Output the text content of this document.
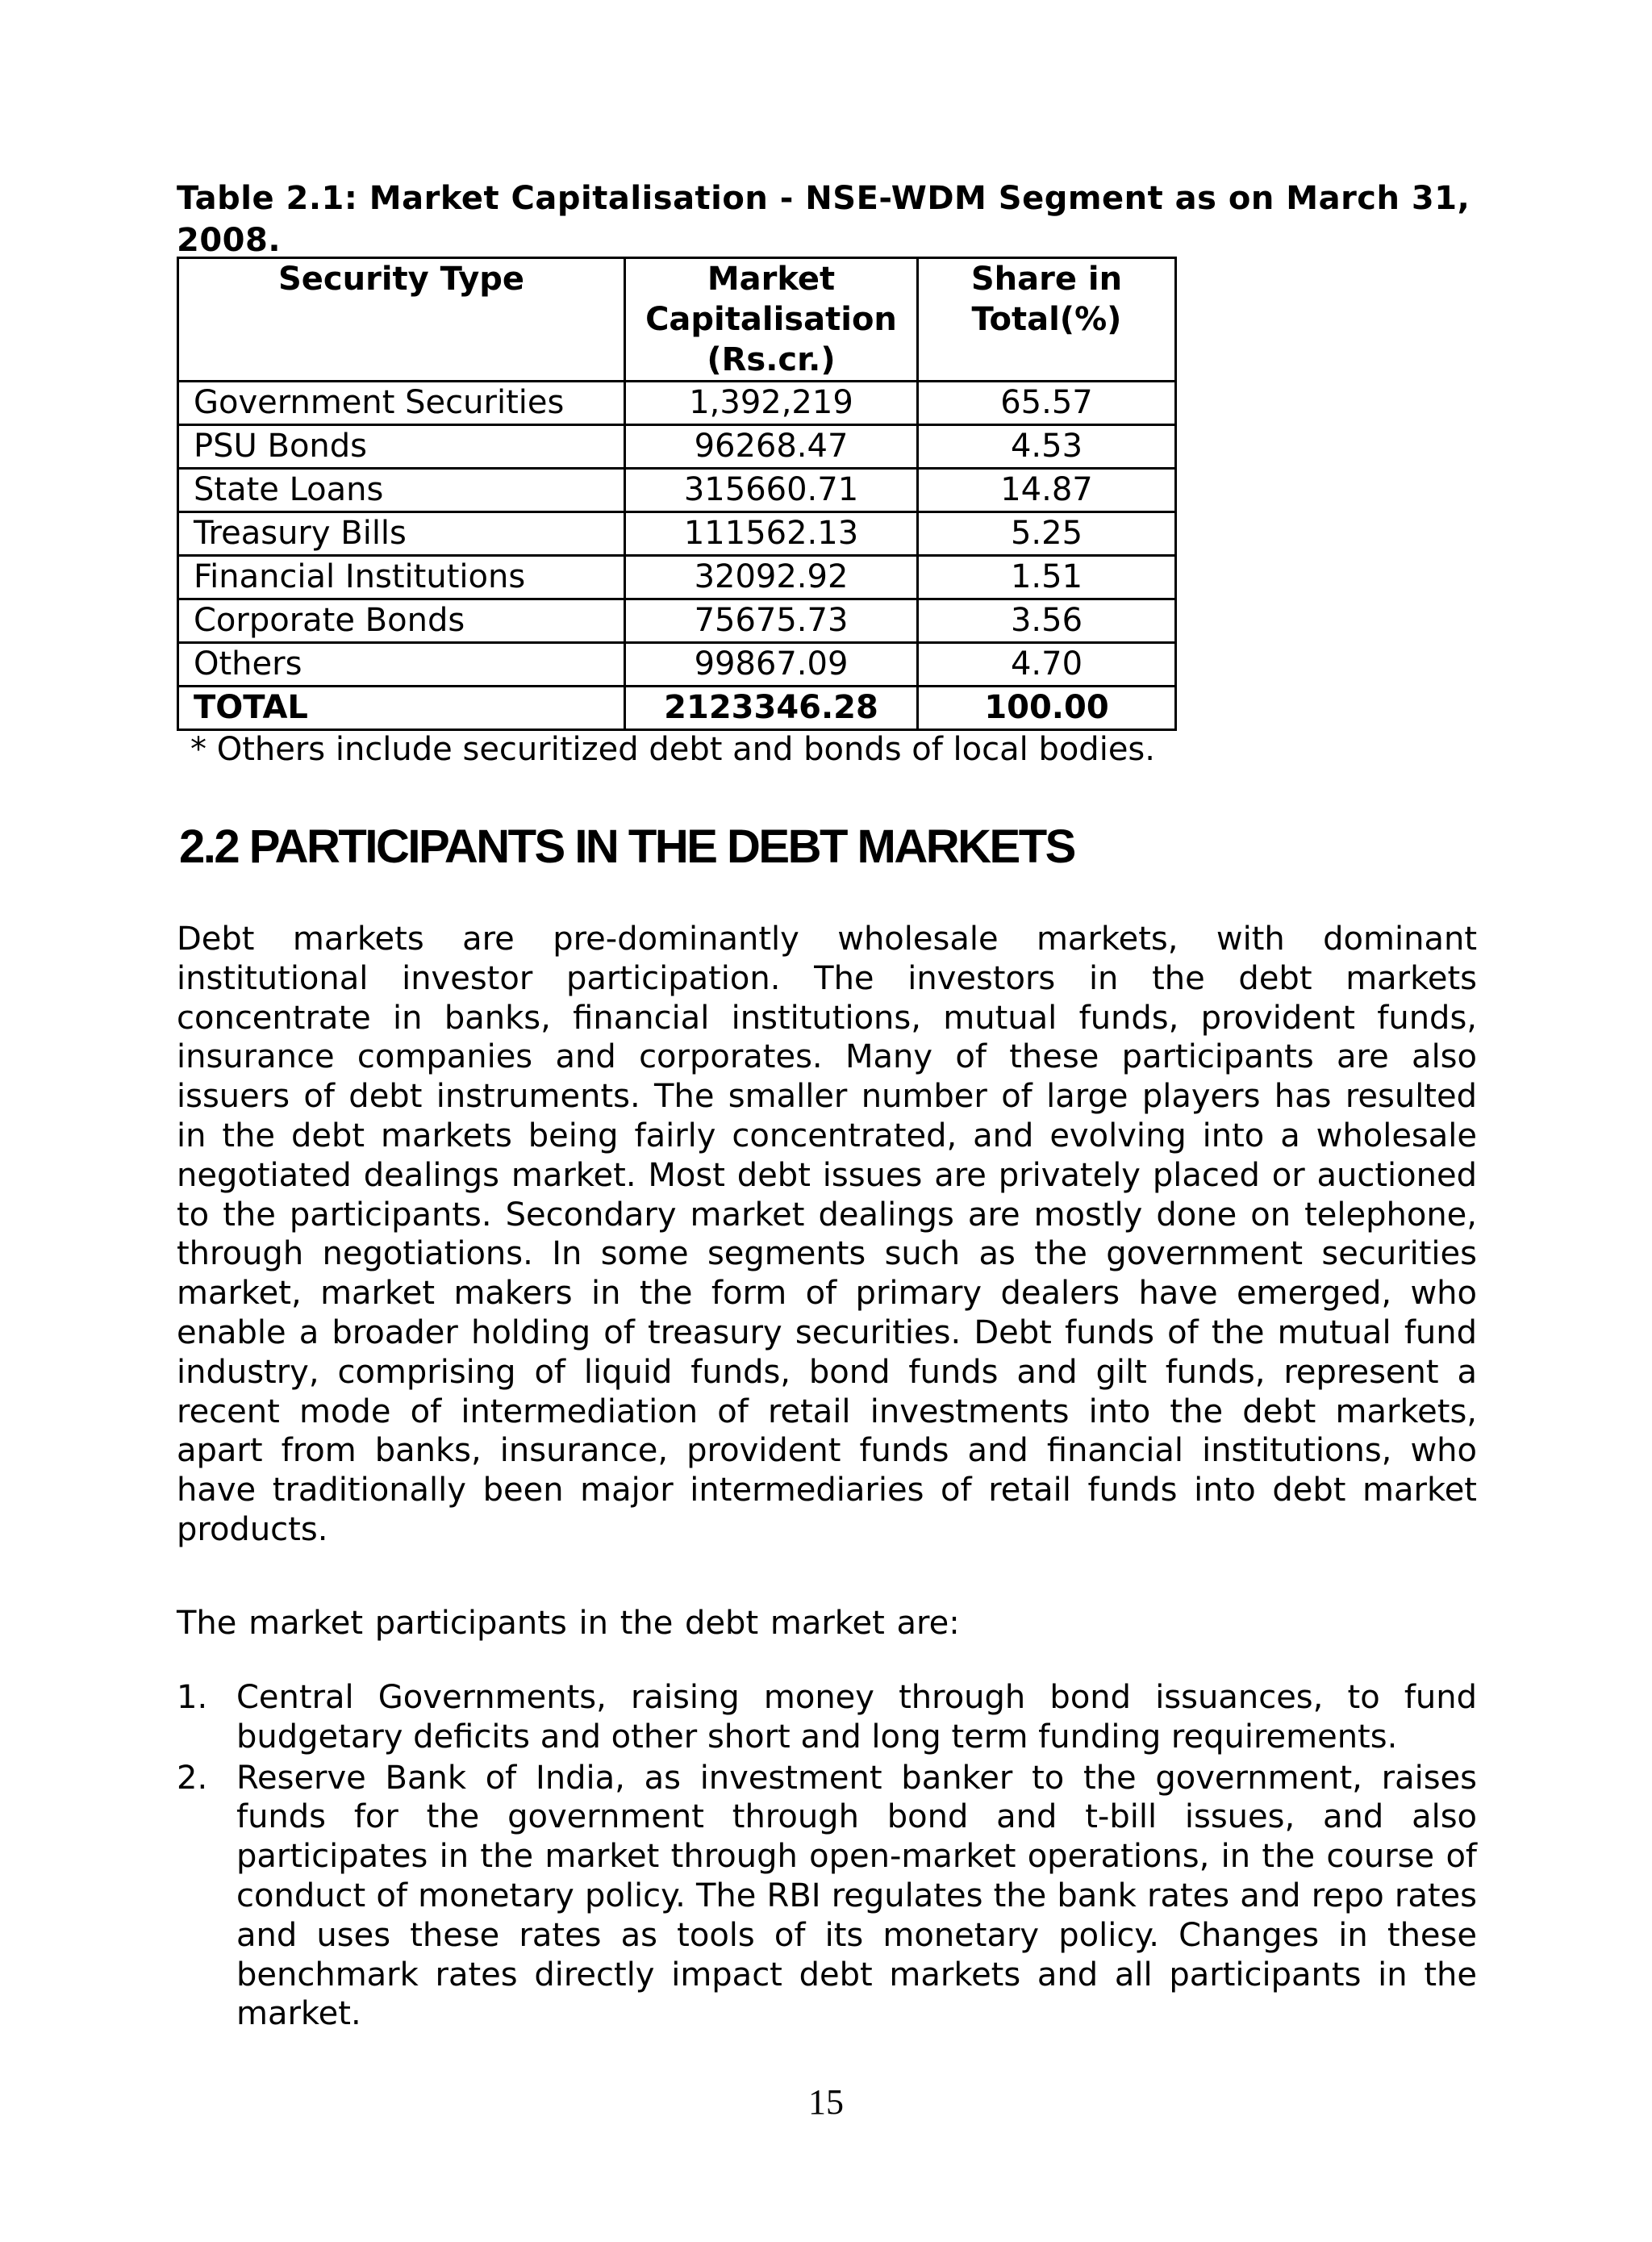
Table 2.1: Market Capitalisation - NSE-WDM Segment as on March 31, 2008.
Security Type	Market Capitalisation (Rs.cr.)	Share in Total(%)
Government Securities	1,392,219	65.57
PSU Bonds	96268.47	4.53
State Loans	315660.71	14.87
Treasury Bills	111562.13	5.25
Financial Institutions	32092.92	1.51
Corporate Bonds	75675.73	3.56
Others	99867.09	4.70
TOTAL	2123346.28	100.00
* Others include securitized debt and bonds of local bodies.
2.2 PARTICIPANTS IN THE DEBT MARKETS
Debt markets are pre-dominantly wholesale markets, with dominant institutional investor participation. The investors in the debt markets concentrate in banks, financial institutions, mutual funds, provident funds, insurance companies and corporates. Many of these participants are also issuers of debt instruments. The smaller number of large players has resulted in the debt markets being fairly concentrated, and evolving into a wholesale negotiated dealings market. Most debt issues are privately placed or auctioned to the participants. Secondary market dealings are mostly done on telephone, through negotiations. In some segments such as the government securities market, market makers in the form of primary dealers have emerged, who enable a broader holding of treasury securities. Debt funds of the mutual fund industry, comprising of liquid funds, bond funds and gilt funds, represent a recent mode of intermediation of retail investments into the debt markets, apart from banks, insurance, provident funds and financial institutions, who have traditionally been major intermediaries of retail funds into debt market products.
The market participants in the debt market are:
1. Central Governments, raising money through bond issuances, to fund budgetary deficits and other short and long term funding requirements.
2. Reserve Bank of India, as investment banker to the government, raises funds for the government through bond and t-bill issues, and also participates in the market through open-market operations, in the course of conduct of monetary policy. The RBI regulates the bank rates and repo rates and uses these rates as tools of its monetary policy. Changes in these benchmark rates directly impact debt markets and all participants in the market.
15
